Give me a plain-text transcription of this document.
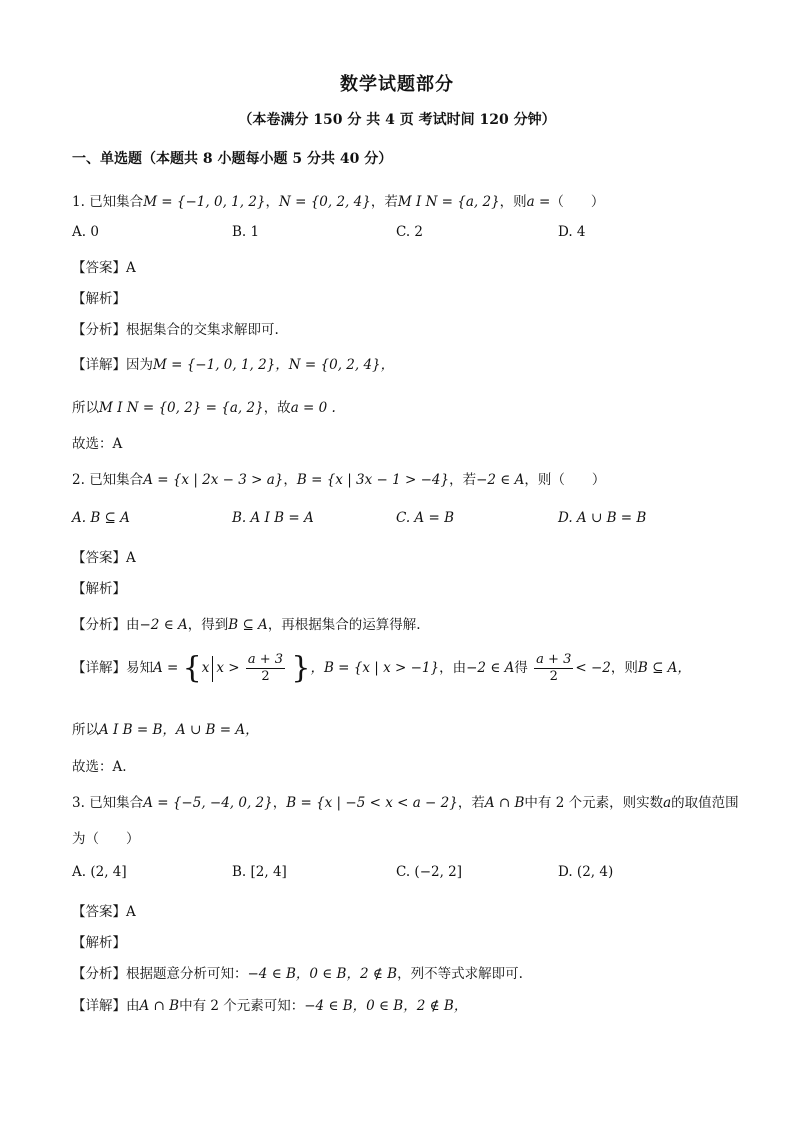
数学试题部分
（本卷满分 150 分 共 4 页 考试时间 120 分钟）
一、单选题（本题共 8 小题每小题 5 分共 40 分）
1. 已知集合M = {−1, 0, 1, 2}，N = {0, 2, 4}，若M I N = {a, 2}，则a =（　　）
A. 0	B. 1	C. 2	D. 4
【答案】A
【解析】
【分析】根据集合的交集求解即可.
【详解】因为M = {−1, 0, 1, 2}，N = {0, 2, 4}，
所以M I N = {0, 2} = {a, 2}，故a = 0 .
故选：A
2. 已知集合A = {x | 2x − 3 > a}，B = {x | 3x − 1 > −4}，若−2 ∈ A，则（　　）
A. B ⊆ A	B. A I B = A	C. A = B	D. A ∪ B = B
【答案】A
【解析】
【分析】由−2 ∈ A，得到B ⊆ A，再根据集合的运算得解.
【详解】易知A = {x $x > \frac{a + 3}{2}$ }，B = {x | x > −1}，由−2 ∈ A得 $\frac{a + 3}{2} < -2$，则B ⊆ A，
所以A I B = B，A ∪ B = A，
故选：A.
3. 已知集合A = {−5, −4, 0, 2}，B = {x | −5 < x < a − 2}，若A ∩ B中有 2 个元素，则实数a的取值范围
为（　　）
A. (2, 4]	B. [2, 4]	C. (−2, 2]	D. (2, 4)
【答案】A
【解析】
【分析】根据题意分析可知：−4 ∈ B，0 ∈ B，2 ∉ B，列不等式求解即可.
【详解】由A ∩ B中有 2 个元素可知：−4 ∈ B，0 ∈ B，2 ∉ B，
